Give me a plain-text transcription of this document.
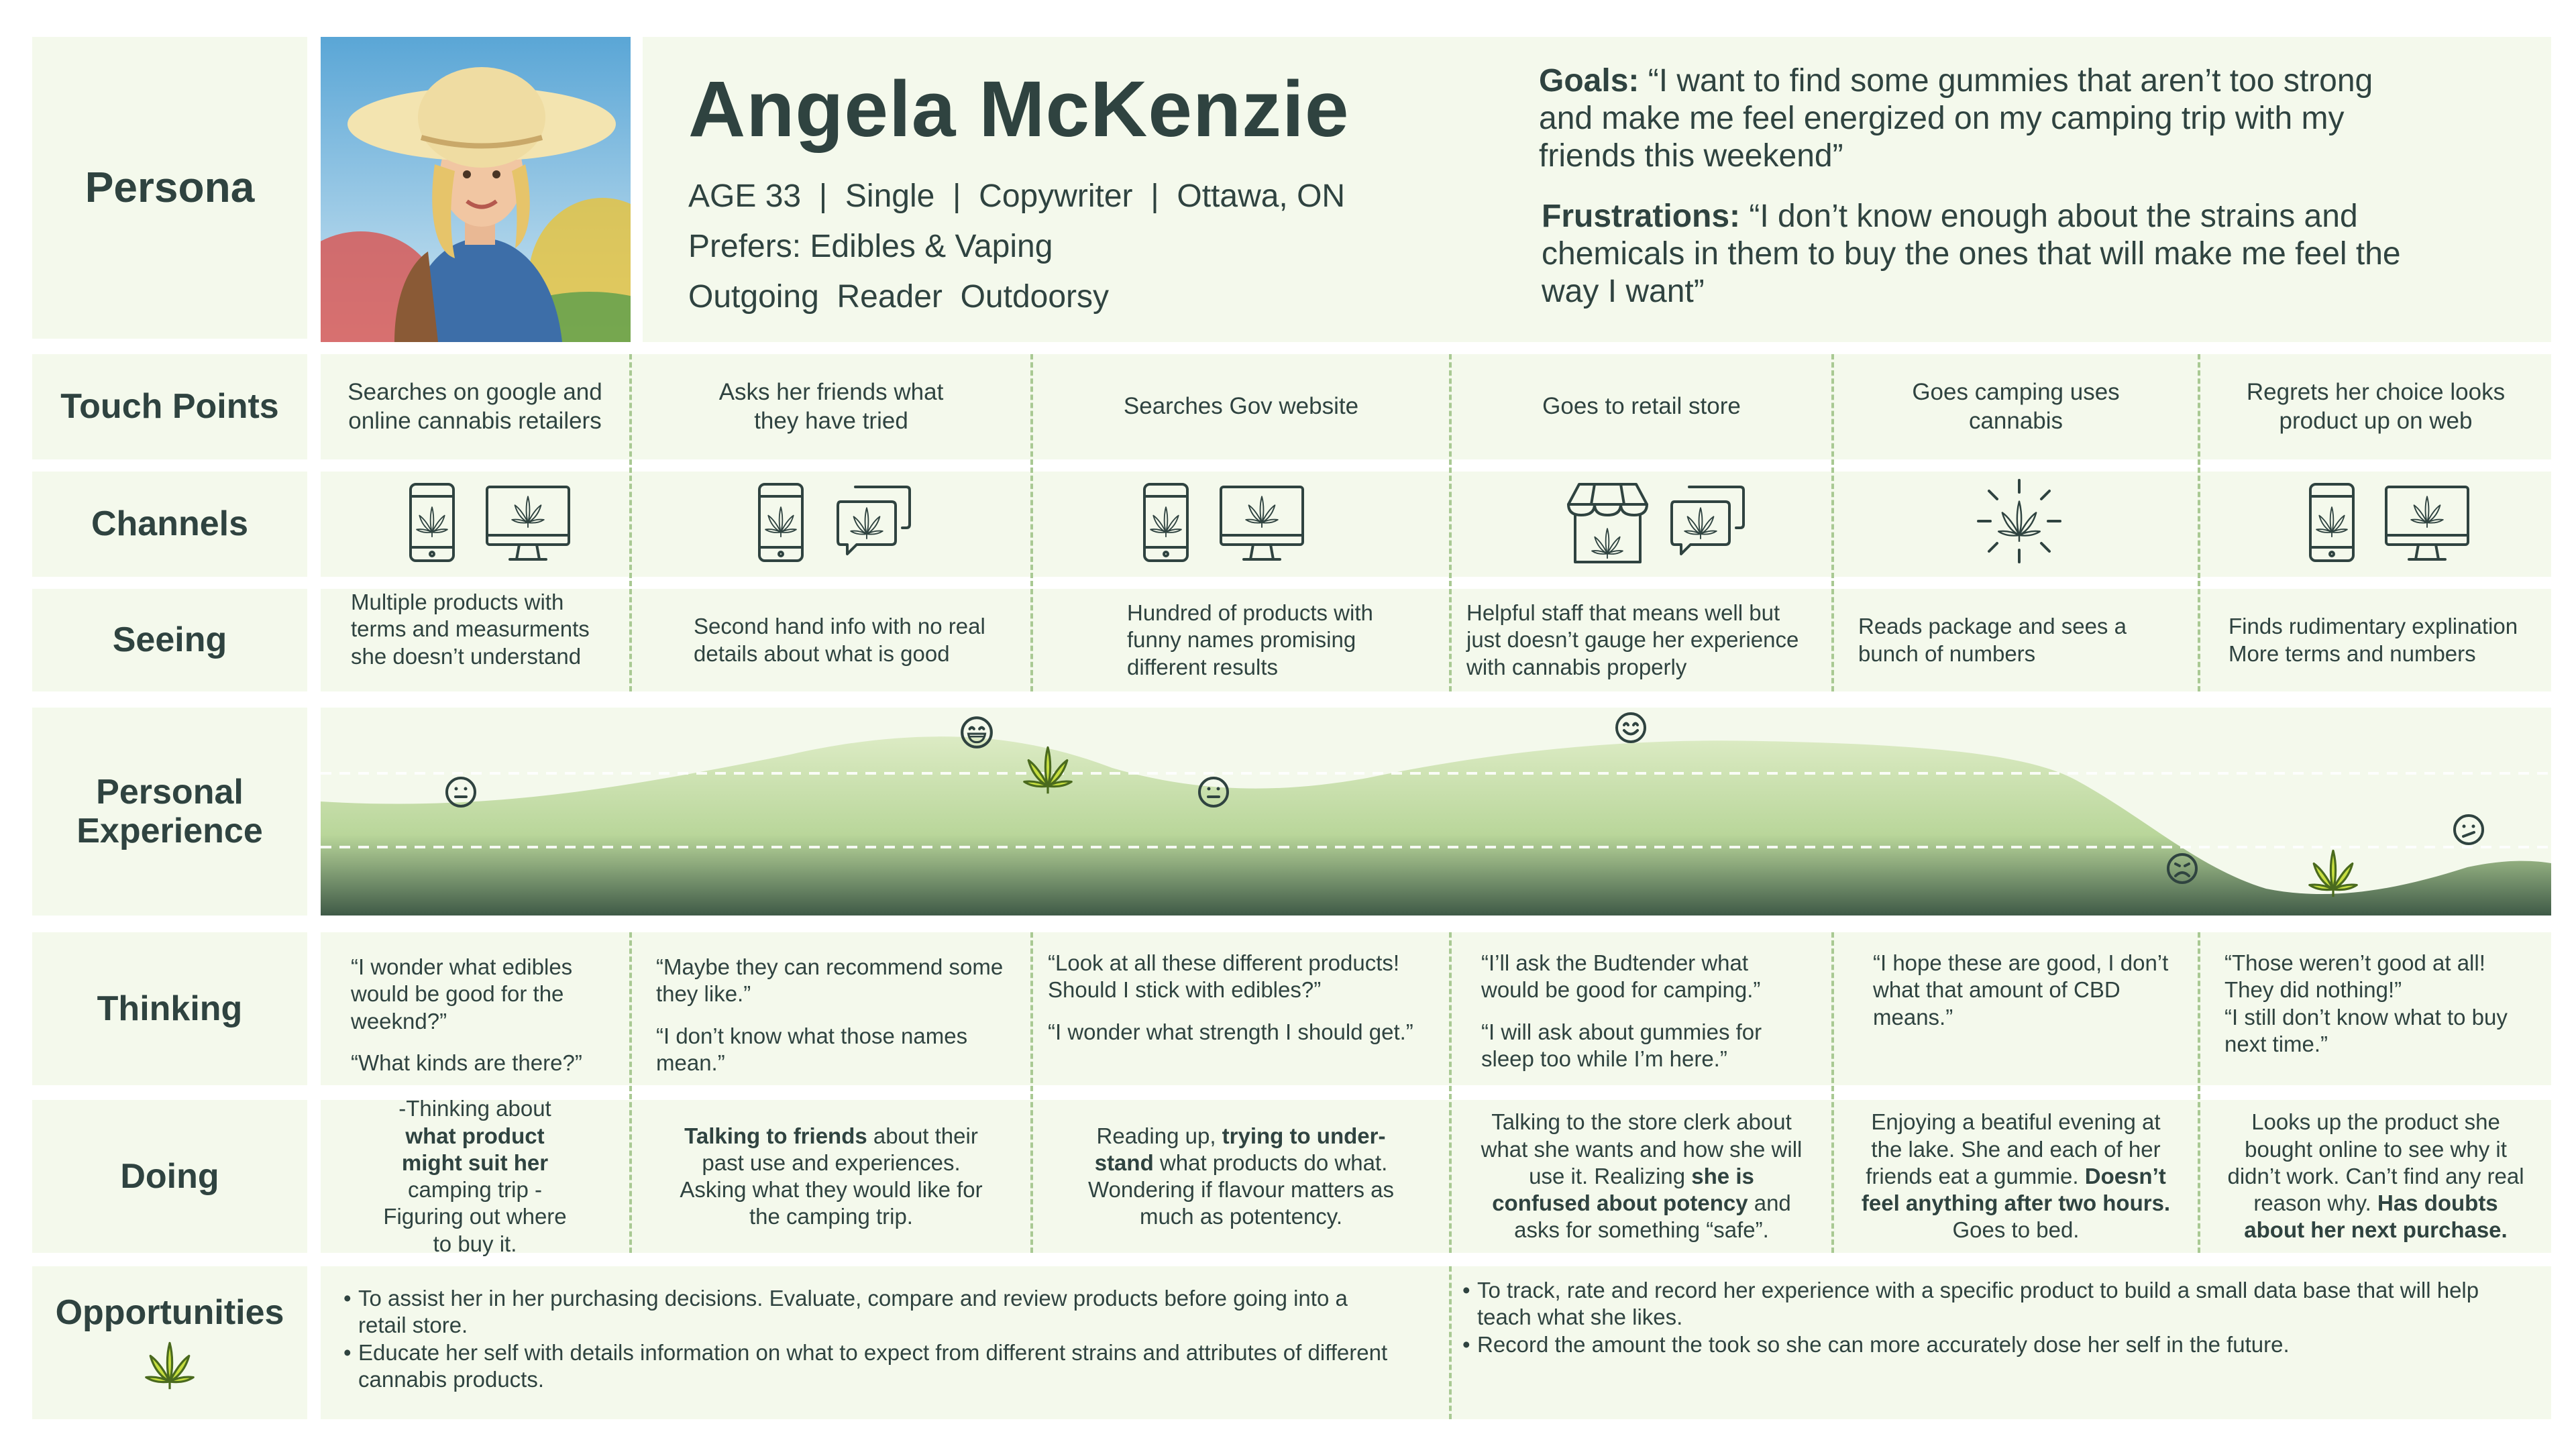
Persona
Angela McKenzie
AGE 33  |  Single  |  Copywriter  |  Ottawa, ON
Prefers: Edibles & Vaping
Outgoing  Reader  Outdoorsy

Goals: “I want to find some gummies that aren’t too strong and make me feel energized on my camping trip with my friends this weekend”

Frustrations: “I don’t know enough about the strains and chemicals in them to buy the ones that will make me feel the way I want”

Touch Points
Channels
Seeing
Personal
Experience
Thinking
Doing
Opportunities
Searches on google and online cannabis retailers
Asks her friends what they have tried
Searches Gov website	Goes to retail store
Goes camping uses cannabis
Regrets her choice looks product up on web
Multiple products with
terms and measurments
she doesn’t understand
Second hand info with no real
details about what is good
Hundred of products with
funny names promising
different results
Helpful staff that means well but
just doesn’t gauge her experience
with cannabis properly
Reads package and sees a
bunch of numbers
Finds rudimentary explination
More terms and numbers

“I wonder what edibles would be good for the weeknd?”

“What kinds are there?”

“Maybe they can recommend some they like.”

“I don’t know what those names mean.”

“Look at all these different products! Should I stick with edibles?”

“I wonder what strength I should get.”

“I’ll ask the Budtender what would be good for camping.”

“I will ask about gummies for sleep too while I’m here.”

“I hope these are good, I don’t what that amount of CBD means.”

“Those weren’t good at all! They did nothing!”

“I still don’t know what to buy next time.”

-Thinking about what product might suit her camping trip -Figuring out where to buy it.
Talking to friends about their past use and experiences. Asking what they would like for the camping trip.
Reading up, trying to under-stand what products do what. Wondering if flavour matters as much as potentency.
Talking to the store clerk about what she wants and how she will use it. Realizing she is confused about potency and asks for something “safe”.
Enjoying a beatiful evening at the lake. She and each of her friends eat a gummie. Doesn’t feel anything after two hours. Goes to bed.
Looks up the product she bought online to see why it didn’t work. Can’t find any real reason why. Has doubts about her next purchase.
• To assist her in her purchasing decisions. Evaluate, compare and review products before going into a retail store.
• Educate her self with details information on what to expect from different strains and attributes of different cannabis products.
• To track, rate and record her experience with a specific product to build a small data base that will help teach what she likes.
• Record the amount the took so she can more accurately dose her self in the future.
